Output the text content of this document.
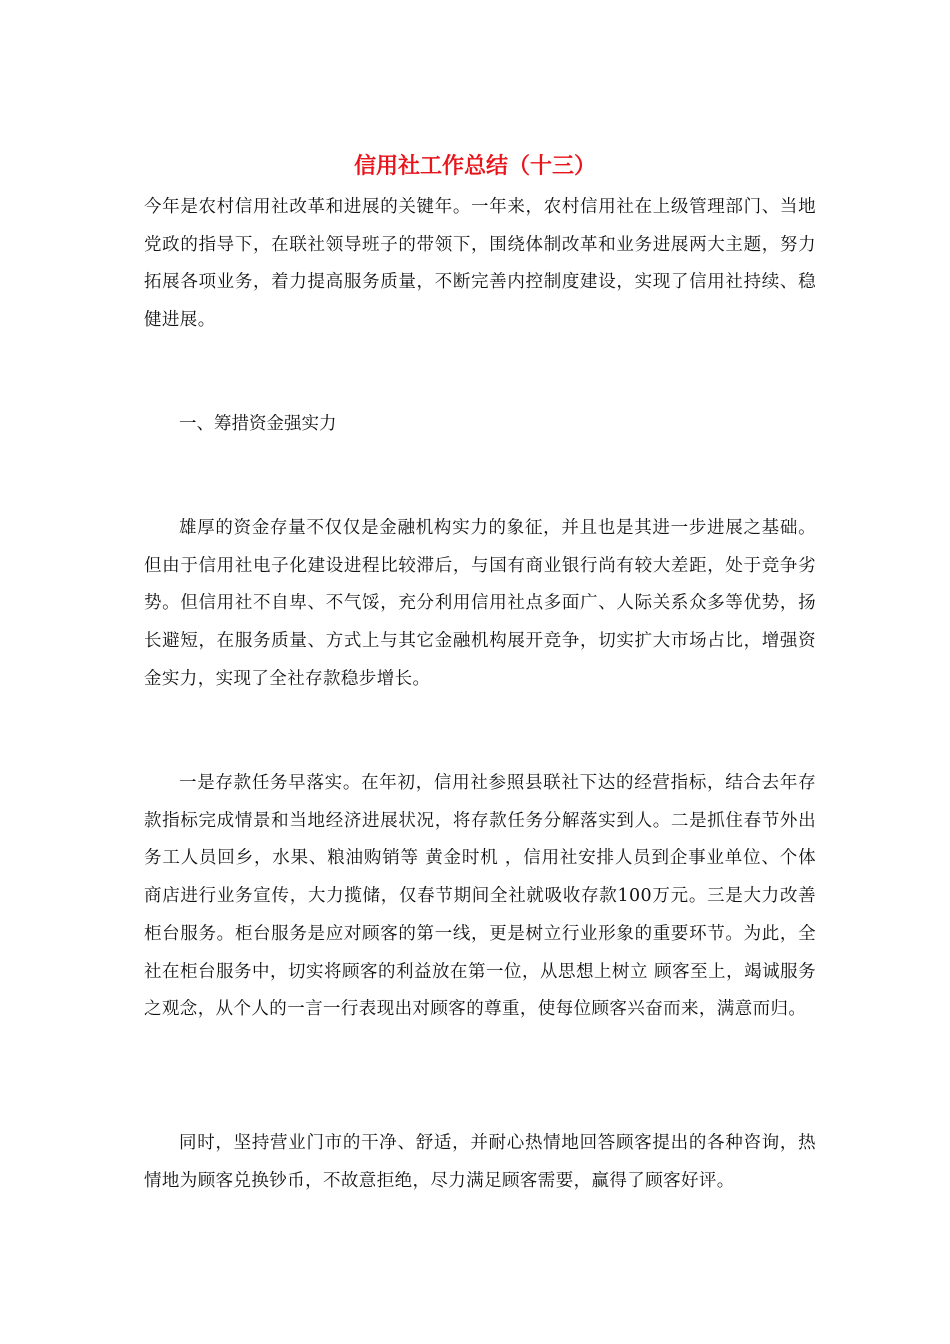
信用社工作总结（十三）

今年是农村信用社改革和进展的关键年。一年来，农村信用社在上级管理部门、当地党政的指导下，在联社领导班子的带领下，围绕体制改革和业务进展两大主题，努力拓展各项业务，着力提高服务质量，不断完善内控制度建设，实现了信用社持续、稳健进展。

一、筹措资金强实力

雄厚的资金存量不仅仅是金融机构实力的象征，并且也是其进一步进展之基础。但由于信用社电子化建设进程比较滞后，与国有商业银行尚有较大差距，处于竞争劣势。但信用社不自卑、不气馁，充分利用信用社点多面广、人际关系众多等优势，扬长避短，在服务质量、方式上与其它金融机构展开竞争，切实扩大市场占比，增强资金实力，实现了全社存款稳步增长。

一是存款任务早落实。在年初，信用社参照县联社下达的经营指标，结合去年存款指标完成情景和当地经济进展状况，将存款任务分解落实到人。二是抓住春节外出务工人员回乡，水果、粮油购销等 黄金时机 ，信用社安排人员到企事业单位、个体商店进行业务宣传，大力揽储，仅春节期间全社就吸收存款100万元。三是大力改善柜台服务。柜台服务是应对顾客的第一线，更是树立行业形象的重要环节。为此，全社在柜台服务中，切实将顾客的利益放在第一位，从思想上树立 顾客至上，竭诚服务 之观念，从个人的一言一行表现出对顾客的尊重，使每位顾客兴奋而来，满意而归。

同时，坚持营业门市的干净、舒适，并耐心热情地回答顾客提出的各种咨询，热情地为顾客兑换钞币，不故意拒绝，尽力满足顾客需要，赢得了顾客好评。
